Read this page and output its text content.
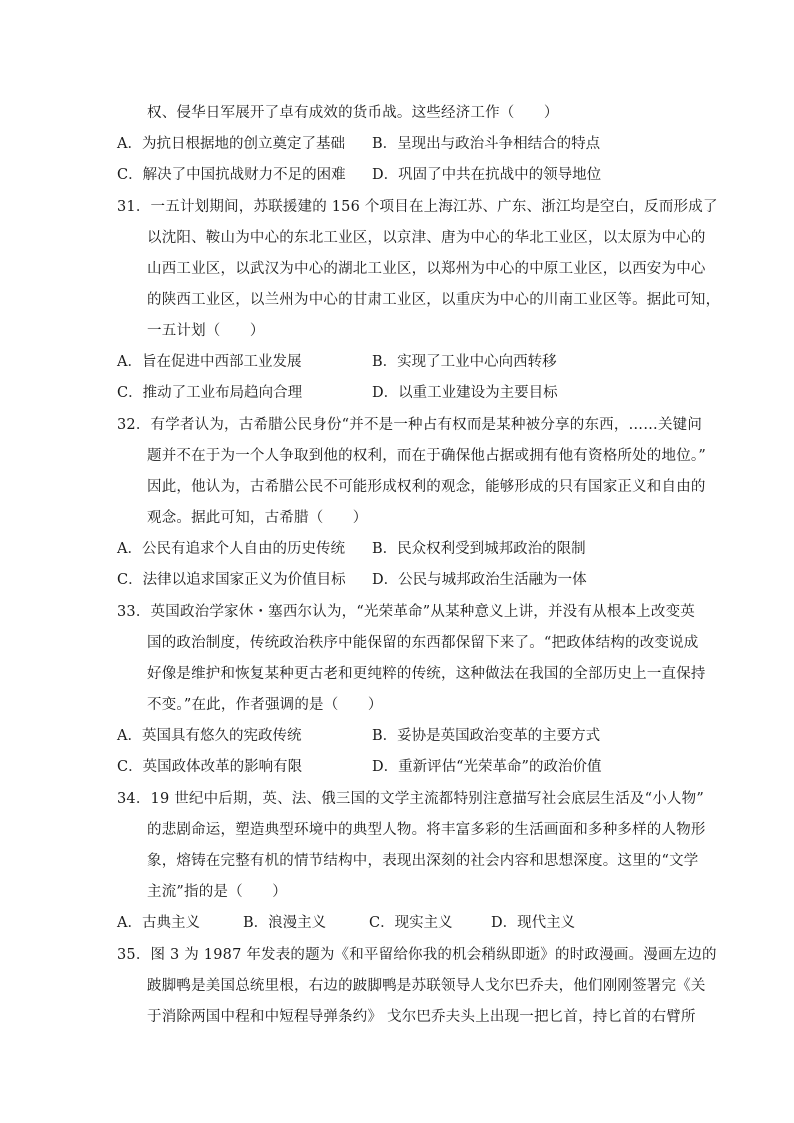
权、侵华日军展开了卓有成效的货币战。这些经济工作（　　）
A．为抗日根据地的创立奠定了基础 B．呈现出与政治斗争相结合的特点
C．解决了中国抗战财力不足的困难 D．巩固了中共在抗战中的领导地位
31．一五计划期间，苏联援建的 156 个项目在上海江苏、广东、浙江均是空白，反而形成了
以沈阳、鞍山为中心的东北工业区，以京津、唐为中心的华北工业区，以太原为中心的
山西工业区，以武汉为中心的湖北工业区，以郑州为中心的中原工业区，以西安为中心
的陕西工业区，以兰州为中心的甘肃工业区，以重庆为中心的川南工业区等。据此可知，
一五计划（　　）
A．旨在促进中西部工业发展	B．实现了工业中心向西转移
C．推动了工业布局趋向合理	D．以重工业建设为主要目标
32．有学者认为，古希腊公民身份“并不是一种占有权而是某种被分享的东西，……关键问
题并不在于为一个人争取到他的权利，而在于确保他占据或拥有他有资格所处的地位。”
因此，他认为，古希腊公民不可能形成权利的观念，能够形成的只有国家正义和自由的
观念。据此可知，古希腊（　　）
A．公民有追求个人自由的历史传统 B．民众权利受到城邦政治的限制
C．法律以追求国家正义为价值目标 D．公民与城邦政治生活融为一体
33．英国政治学家休・塞西尔认为，“光荣革命”从某种意义上讲，并没有从根本上改变英
国的政治制度，传统政治秩序中能保留的东西都保留下来了。“把政体结构的改变说成
好像是维护和恢复某种更古老和更纯粹的传统，这种做法在我国的全部历史上一直保持
不变。”在此，作者强调的是（　　）
A．英国具有悠久的宪政传统	B．妥协是英国政治变革的主要方式
C．英国政体改革的影响有限	D．重新评估“光荣革命”的政治价值
34．19 世纪中后期，英、法、俄三国的文学主流都特别注意描写社会底层生活及“小人物”
的悲剧命运，塑造典型环境中的典型人物。将丰富多彩的生活画面和多种多样的人物形
象，熔铸在完整有机的情节结构中，表现出深刻的社会内容和思想深度。这里的“文学
主流”指的是（　　）
A．古典主义	B．浪漫主义	C．现实主义	D．现代主义
35．图 3 为 1987 年发表的题为《和平留给你我的机会稍纵即逝》的时政漫画。漫画左边的
跛脚鸭是美国总统里根，右边的跛脚鸭是苏联领导人戈尔巴乔夫，他们刚刚签署完《关
于消除两国中程和中短程导弹条约》 戈尔巴乔夫头上出现一把匕首，持匕首的右臂所
